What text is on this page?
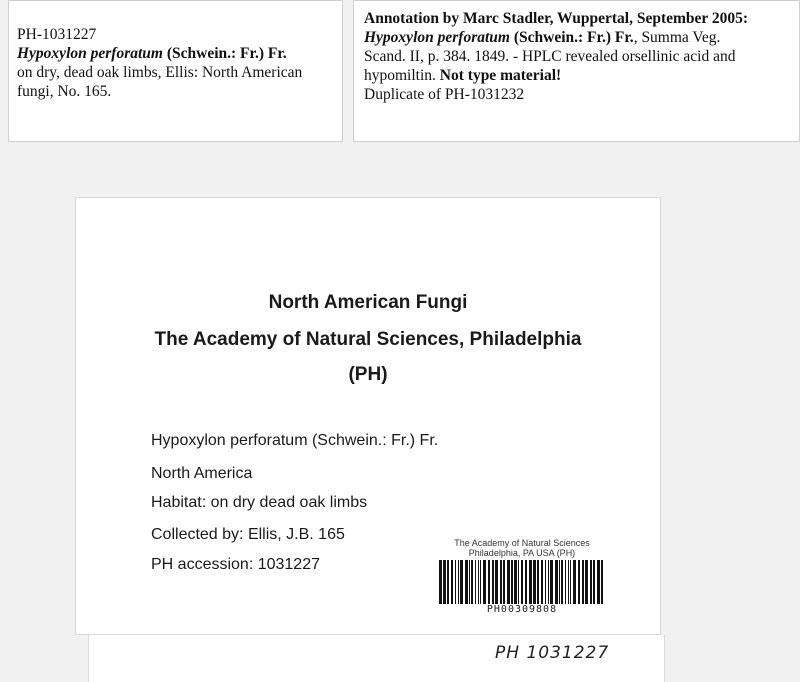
PH-1031227
Hypoxylon perforatum (Schwein.: Fr.) Fr.
on dry, dead oak limbs, Ellis: North American
fungi, No. 165.
Annotation by Marc Stadler, Wuppertal, September 2005:
Hypoxylon perforatum (Schwein.: Fr.) Fr., Summa Veg.
Scand. II, p. 384. 1849. - HPLC revealed orsellinic acid and
hypomiltin. Not type material!
Duplicate of PH-1031232
North American Fungi
The Academy of Natural Sciences, Philadelphia
(PH)
Hypoxylon perforatum (Schwein.: Fr.) Fr.
North America
Habitat: on dry dead oak limbs
Collected by: Ellis, J.B. 165
PH accession: 1031227
The Academy of Natural Sciences
Philadelphia, PA USA (PH)
PH00309808
PH 1031227
